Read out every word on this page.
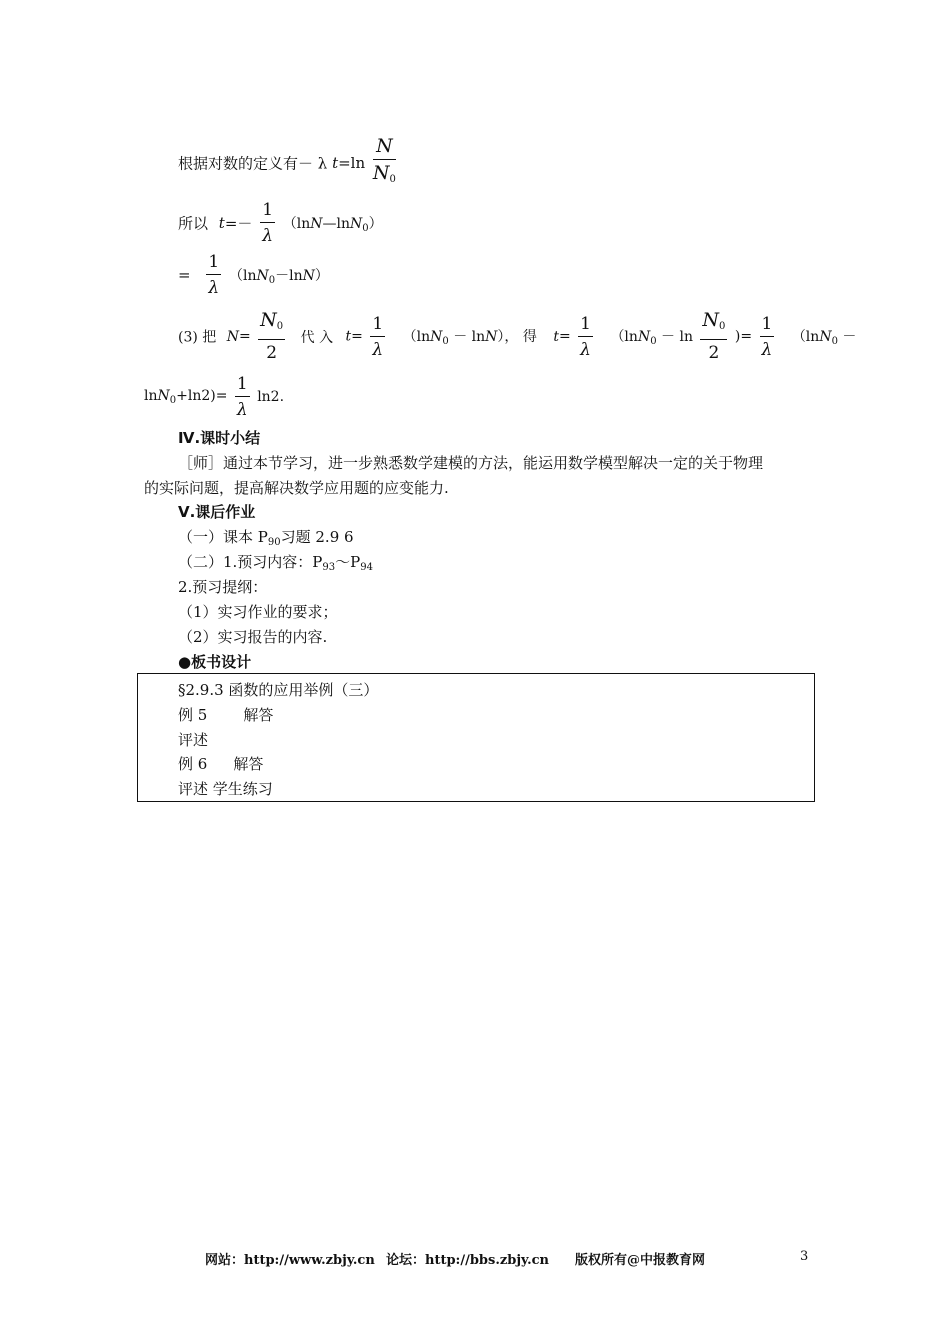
根据对数的定义有－ λ $t=\ln \frac{N}{N_0}$
所以 $t=- \frac{1}{\lambda}$ （lnN—lnN$_0$）
= $\frac{1}{\lambda} (\ln N_0-\ln N)$
(3) 把 $N= \frac{N_0}{2}$ 代 入 $t= \frac{1}{\lambda} (\ln N_0 - \ln N)$， 得 $t= \frac{1}{\lambda} (\ln N_0 - \ln \frac{N_0}{2}$ )= $\frac{1}{\lambda} (\ln N_0$ －
$\ln N_0+\ln 2)= \frac{1}{\lambda} \ln 2$.
Ⅳ.课时小结
［师］通过本节学习，进一步熟悉数学建模的方法，能运用数学模型解决一定的关于物理
的实际问题，提高解决数学应用题的应变能力.
Ⅴ.课后作业
（一）课本 $P_{90}$习题 2.9 6
（二）1.预习内容：$P_{93}\sim P_{94}$
2.预习提纲：
（1）实习作业的要求；
（2）实习报告的内容.
●板书设计
§2.9.3 函数的应用举例（三）
例 5 解答
评述
例 6 解答
评述 学生练习
网站：http://www.zbjy.cn 论坛：http://bbs.zbjy.cn 版权所有@中报教育网	3
